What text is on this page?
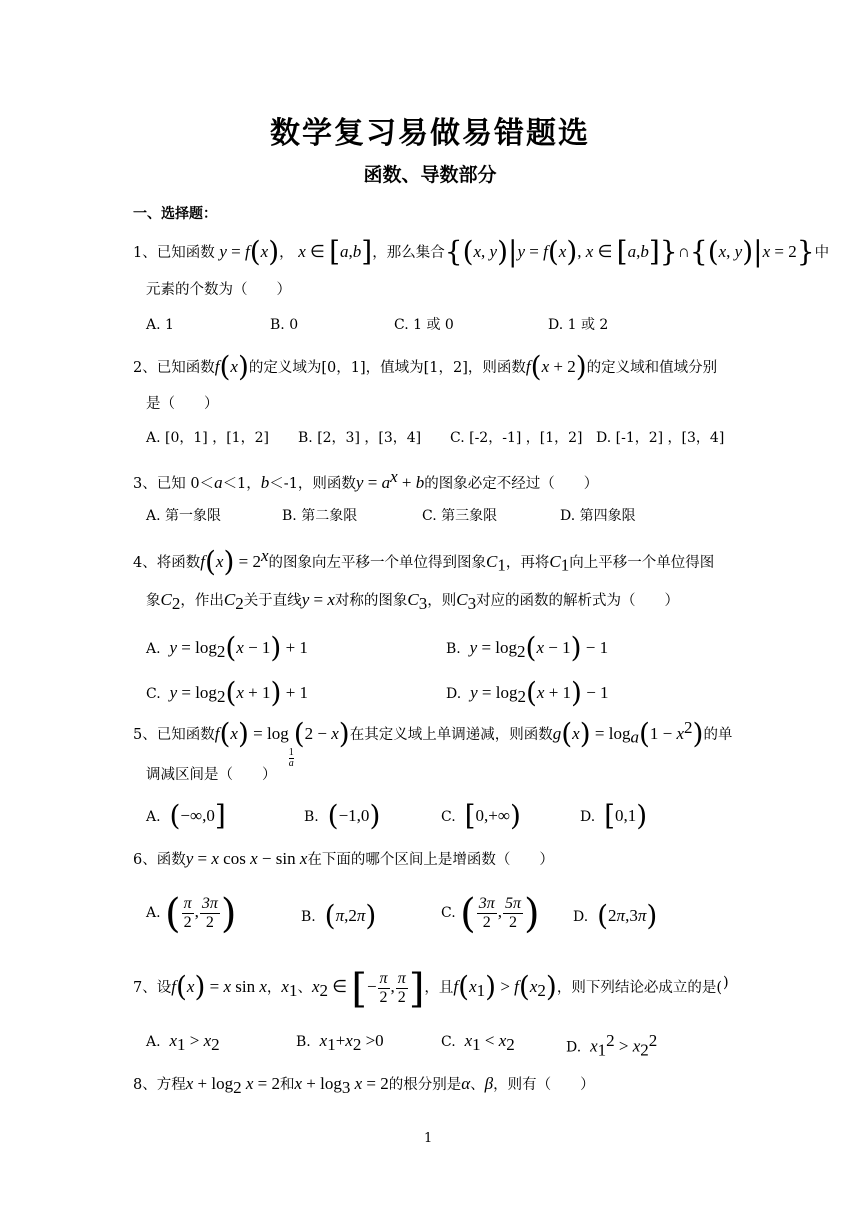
数学复习易做易错题选
函数、导数部分
一、选择题：
1、已知函数 y = f(x)， x ∈ [a,b]，那么集合{(x, y)|y = f(x), x ∈ [a,b]}∩{(x, y)|x = 2}中
元素的个数为（　　）
A. 1	B. 0	C. 1 或 0	D. 1 或 2
2、已知函数f(x)的定义域为[0，1]，值域为[1，2]，则函数f(x + 2)的定义域和值域分别
是（　　）
A. [0，1] ，[1，2] B. [2，3] ，[3，4] C. [-2，-1] ，[1，2] D. [-1，2] ，[3，4]
3、已知 0＜a＜1，b＜-1，则函数$y = a^x + b$的图象必定不经过（　　）
A. 第一象限	B. 第二象限	C. 第三象限	D. 第四象限
4、将函数$f(x) = 2^x$的图象向左平移一个单位得到图象$C_1$，再将$C_1$向上平移一个单位得图
象$C_2$，作出$C_2$关于直线y = x对称的图象$C_3$，则$C_3$对应的函数的解析式为（　　）
A. $y = \log_2(x - 1) + 1$	B. $y = \log_2(x - 1) - 1$
C. $y = \log_2(x + 1) + 1$	D. $y = \log_2(x + 1) - 1$
5、已知函数f(x) = log
$\frac{1}{a}$
(2 − x)在其定义域上单调递减，则函数$g(x) = \log_a(1 - x^2)$的单
调减区间是（　　）
A. (−∞,0]	B. (−1,0)	C. [0,+∞)	D. [0,1)
6、函数y = x cos x − sin x在下面的哪个区间上是增函数（　　）
A. ( $\frac{\pi}{2}$ , $\frac{3\pi}{2}$ )	B. (π,2π)	C. ( $\frac{3\pi}{2}$ , $\frac{5\pi}{2}$ ) D. (2π,3π)
7、设f(x) = x sin x，$x_1$、$x_2$ ∈ [− $\frac{\pi}{2}$ , $\frac{\pi}{2}$ ]，且$f(x_1) > f(x_2)$，则下列结论必成立的是( )
A. $x_1 > x_2$	B. $x_1+x_2 >0$	C. $x_1 < x_2$	D. $x_1^2 > x_2^2$
8、方程$x + \log_2 x = 2$和$x + \log_3 x = 2$的根分别是α、β，则有（　　）
1
